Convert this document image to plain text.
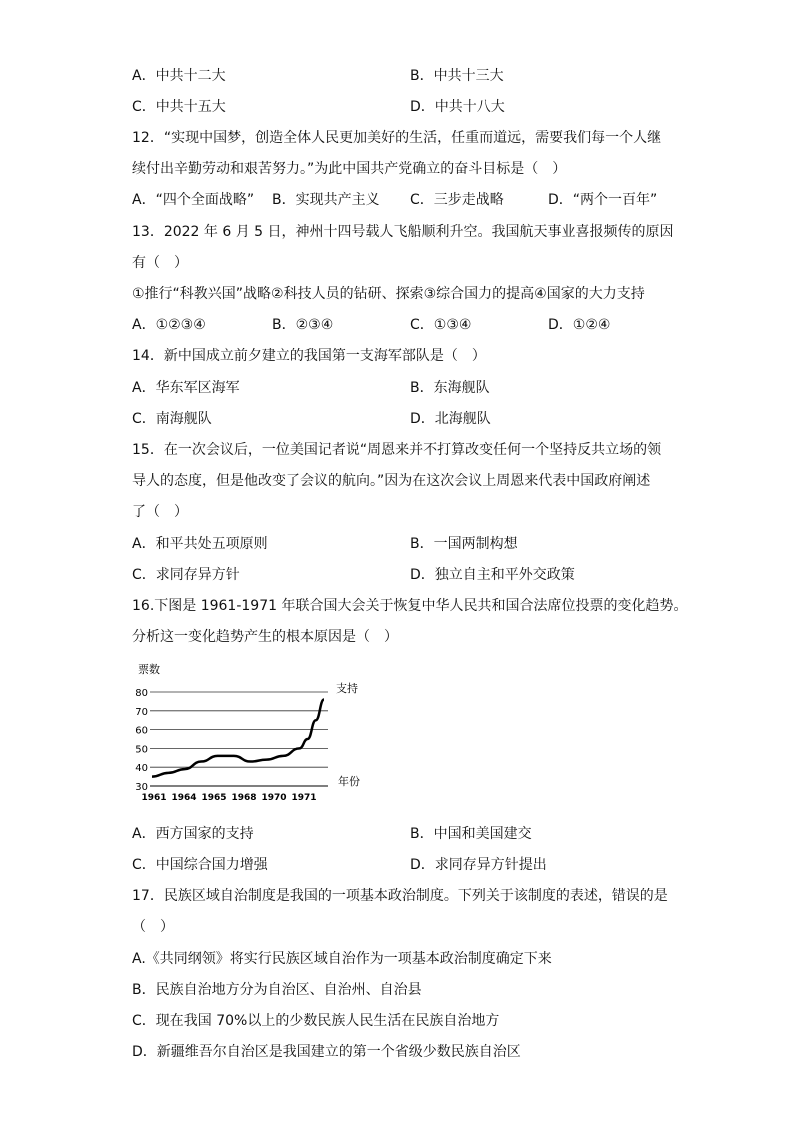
A．中共十二大	B．中共十三大
C．中共十五大	D．中共十八大
12．“实现中国梦，创造全体人民更加美好的生活，任重而道远，需要我们每一个人继
续付出辛勤劳动和艰苦努力。”为此中国共产党确立的奋斗目标是（　）
A．“四个全面战略” B．实现共产主义 C．三步走战略	D．“两个一百年”
13．2022 年 6 月 5 日，神州十四号载人飞船顺利升空。我国航天事业喜报频传的原因
有（　）
①推行“科教兴国”战略②科技人员的钻研、探索③综合国力的提高④国家的大力支持
A．①②③④	B．②③④	C．①③④	D．①②④
14．新中国成立前夕建立的我国第一支海军部队是（　）
A．华东军区海军	B．东海舰队
C．南海舰队	D．北海舰队
15．在一次会议后，一位美国记者说“周恩来并不打算改变任何一个坚持反共立场的领
导人的态度，但是他改变了会议的航向。”因为在这次会议上周恩来代表中国政府阐述
了（　）
A．和平共处五项原则	B．一国两制构想
C．求同存异方针	D．独立自主和平外交政策
16.下图是 1961-1971 年联合国大会关于恢复中华人民共和国合法席位投票的变化趋势。
分析这一变化趋势产生的根本原因是（　）
30
40
50
60
70
80
1961 1964 1965 1968 1970 1971
票数
年份
支持
A．西方国家的支持	B．中国和美国建交
C．中国综合国力增强	D．求同存异方针提出
17．民族区域自治制度是我国的一项基本政治制度。下列关于该制度的表述，错误的是
（　）
A.《共同纲领》将实行民族区域自治作为一项基本政治制度确定下来
B．民族自治地方分为自治区、自治州、自治县
C．现在我国 70%以上的少数民族人民生活在民族自治地方
D．新疆维吾尔自治区是我国建立的第一个省级少数民族自治区
